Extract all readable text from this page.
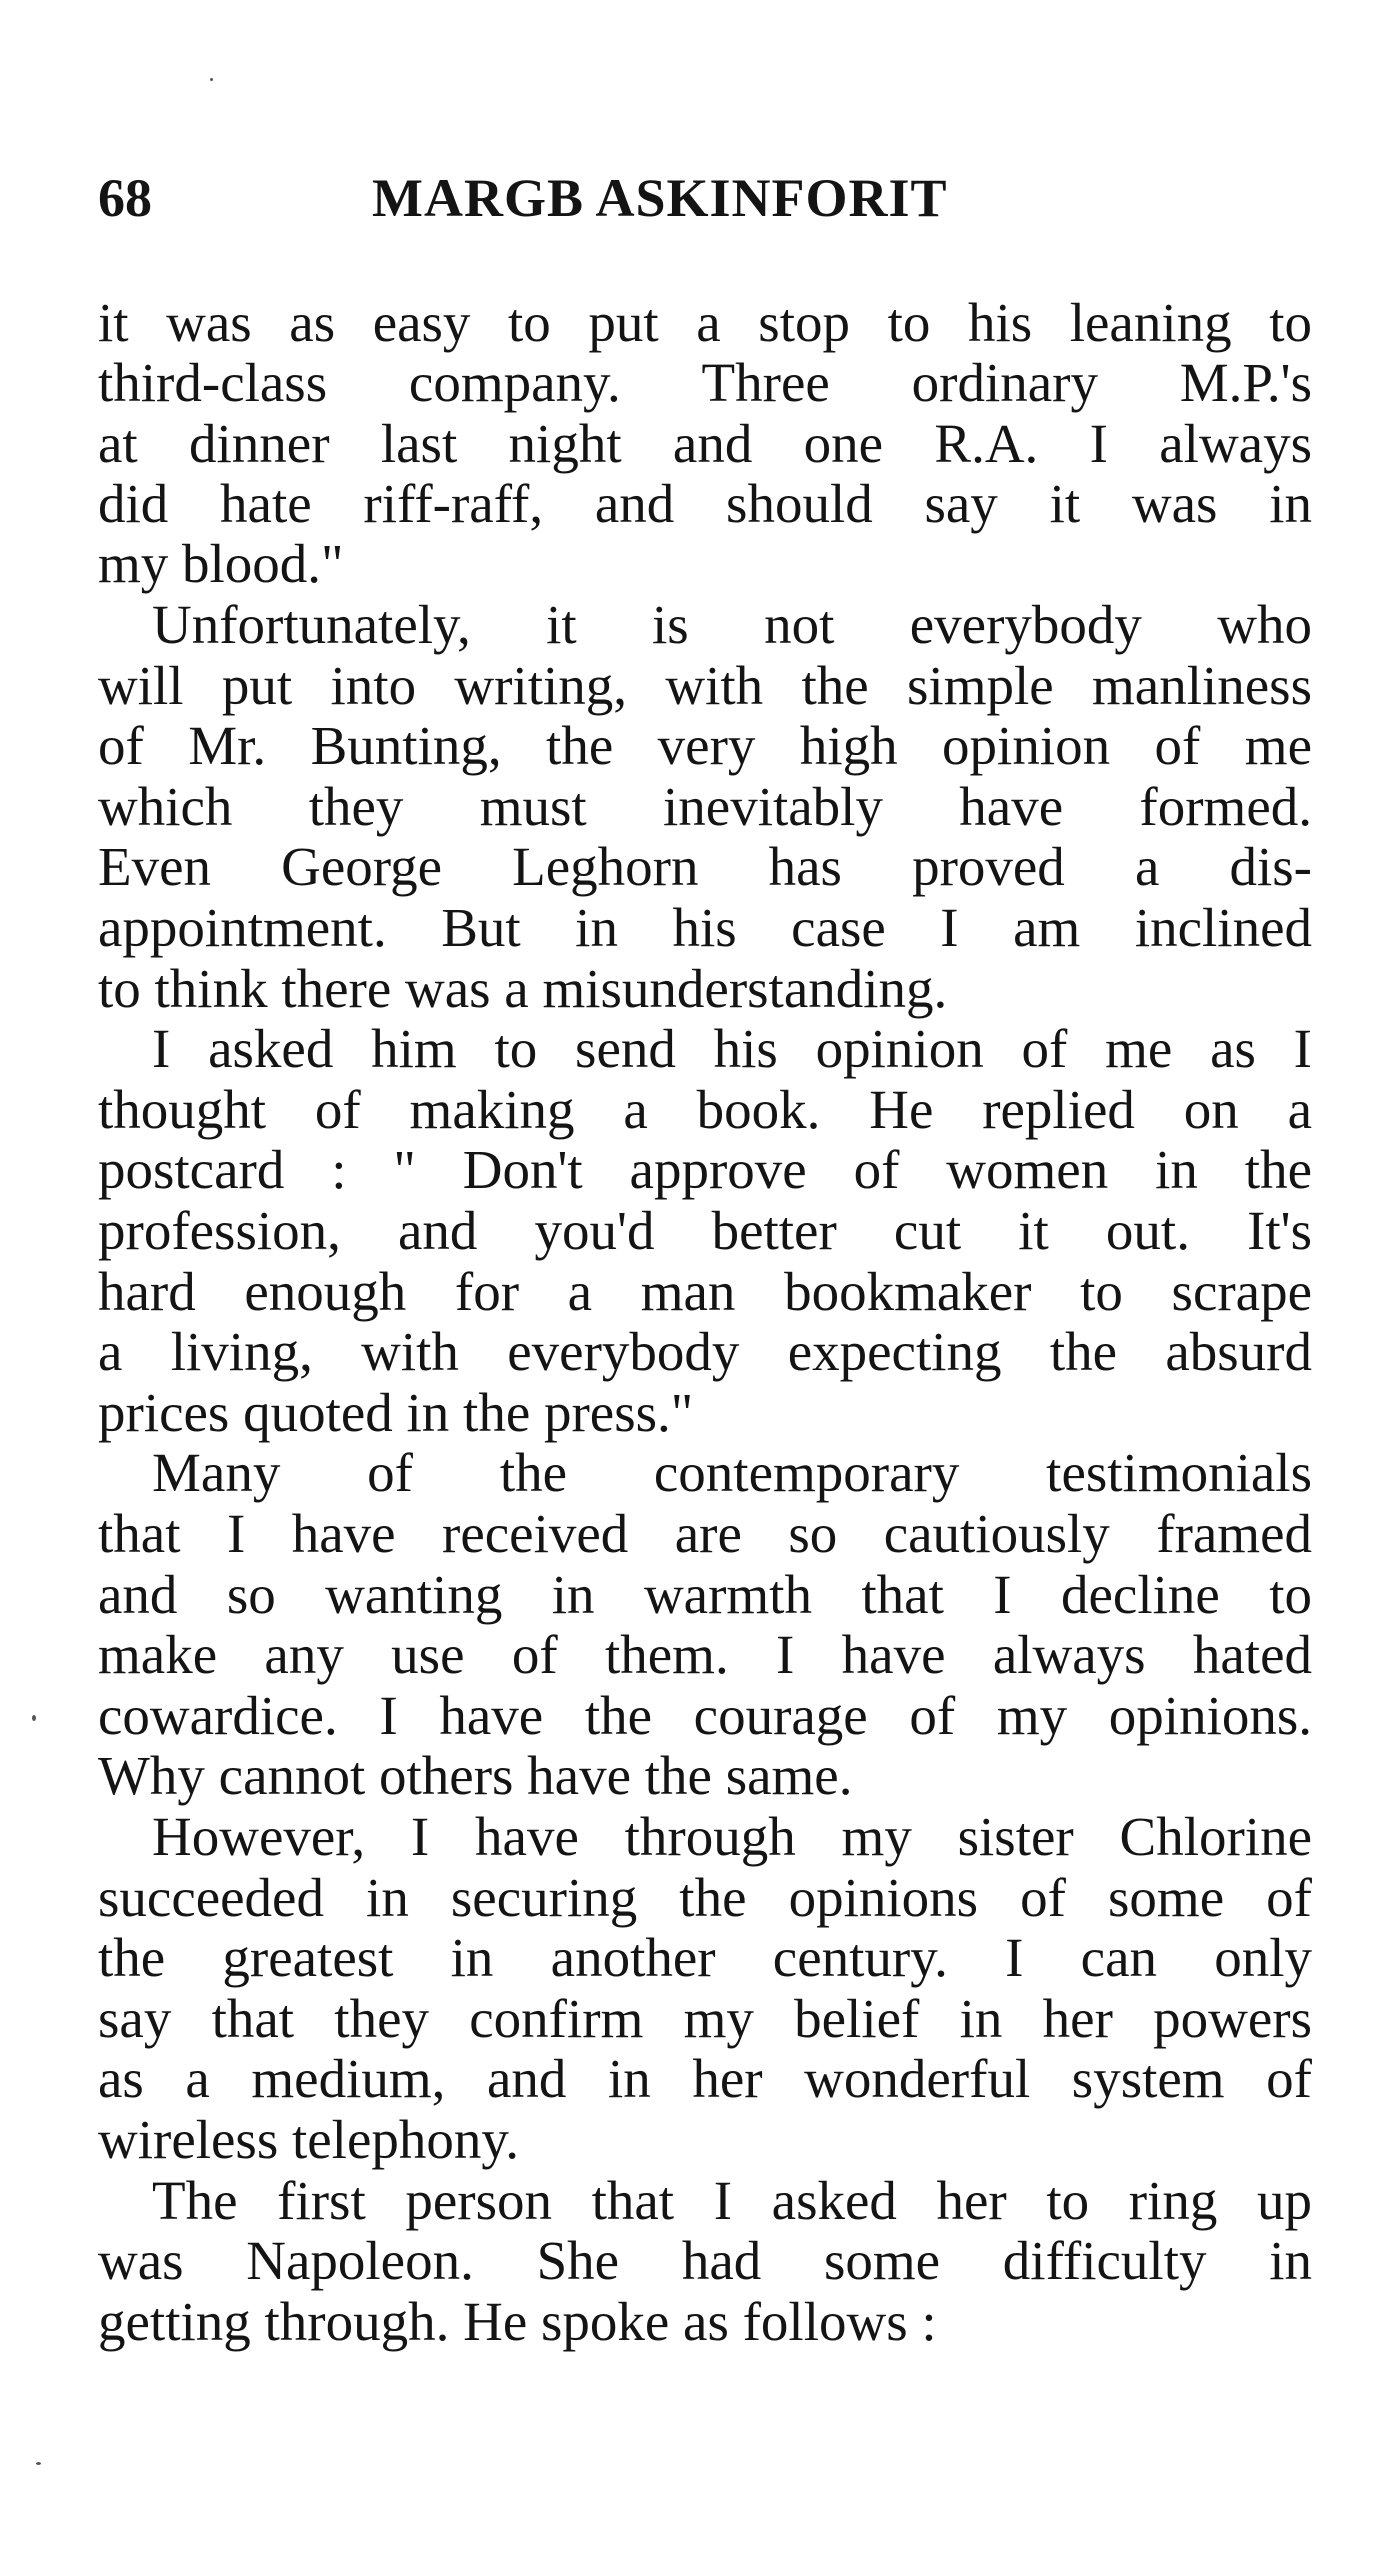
68	MARGB ASKINFORIT
it was as easy to put a stop to his leaning to
third-class company. Three ordinary M.P.'s
at dinner last night and one R.A. I always
did hate riff-raff, and should say it was in
my blood."
Unfortunately, it is not everybody who
will put into writing, with the simple manliness
of Mr. Bunting, the very high opinion of me
which they must inevitably have formed.
Even George Leghorn has proved a dis-
appointment. But in his case I am inclined
to think there was a misunderstanding.
I asked him to send his opinion of me as I
thought of making a book. He replied on a
postcard : " Don't approve of women in the
profession, and you'd better cut it out. It's
hard enough for a man bookmaker to scrape
a living, with everybody expecting the absurd
prices quoted in the press."
Many of the contemporary testimonials
that I have received are so cautiously framed
and so wanting in warmth that I decline to
make any use of them. I have always hated
cowardice. I have the courage of my opinions.
Why cannot others have the same.
However, I have through my sister Chlorine
succeeded in securing the opinions of some of
the greatest in another century. I can only
say that they confirm my belief in her powers
as a medium, and in her wonderful system of
wireless telephony.
The first person that I asked her to ring up
was Napoleon. She had some difficulty in
getting through. He spoke as follows :
